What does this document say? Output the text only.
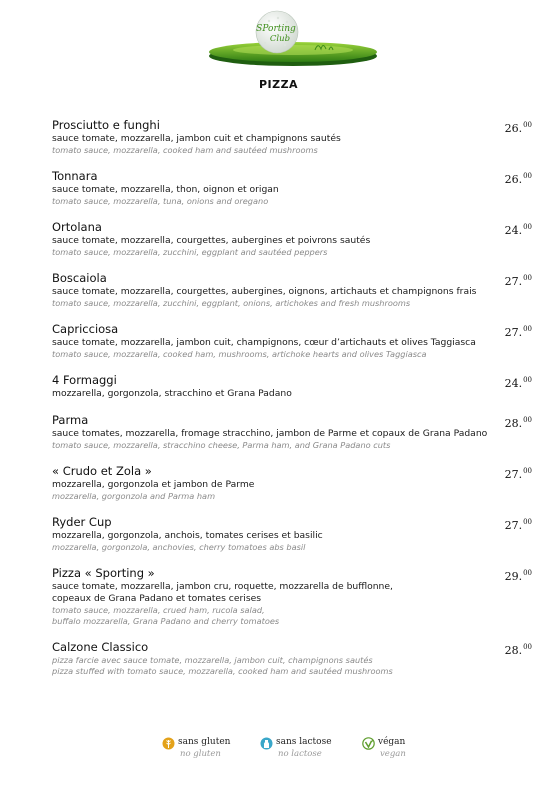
SPorting
Club
PIZZA
Prosciutto e funghi
sauce tomate, mozzarella, jambon cuit et champignons sautés
tomato sauce, mozzarella, cooked ham and sautéed mushrooms
26.00
Tonnara
sauce tomate, mozzarella, thon, oignon et origan
tomato sauce, mozzarella, tuna, onions and oregano
26.00
Ortolana
sauce tomate, mozzarella, courgettes, aubergines et poivrons sautés
tomato sauce, mozzarella, zucchini, eggplant and sautéed peppers
24.00
Boscaiola
sauce tomate, mozzarella, courgettes, aubergines, oignons, artichauts et champignons frais
tomato sauce, mozzarella, zucchini, eggplant, onions, artichokes and fresh mushrooms
27.00
Capricciosa
sauce tomate, mozzarella, jambon cuit, champignons, cœur d’artichauts et olives Taggiasca
tomato sauce, mozzarella, cooked ham, mushrooms, artichoke hearts and olives Taggiasca
27.00
4 Formaggi
mozzarella, gorgonzola, stracchino et Grana Padano
24.00
Parma
sauce tomates, mozzarella, fromage stracchino, jambon de Parme et copaux de Grana Padano
tomato sauce, mozzarella, stracchino cheese, Parma ham, and Grana Padano cuts
28.00
« Crudo et Zola »
mozzarella, gorgonzola et jambon de Parme
mozzarella, gorgonzola and Parma ham
27.00
Ryder Cup
mozzarella, gorgonzola, anchois, tomates cerises et basilic
mozzarella, gorgonzola, anchovies, cherry tomatoes abs basil
27.00
Pizza « Sporting »
sauce tomate, mozzarella, jambon cru, roquette, mozzarella de bufflonne,
copeaux de Grana Padano et tomates cerises
tomato sauce, mozzarella, crued ham, rucola salad,
buffalo mozzarella, Grana Padano and cherry tomatoes
29.00
Calzone Classico
pizza farcie avec sauce tomate, mozzarella, jambon cuit, champignons sautés
pizza stuffed with tomato sauce, mozzarella, cooked ham and sautéed mushrooms
28.00
sans gluten
no gluten
sans lactose
no lactose
végan
vegan
